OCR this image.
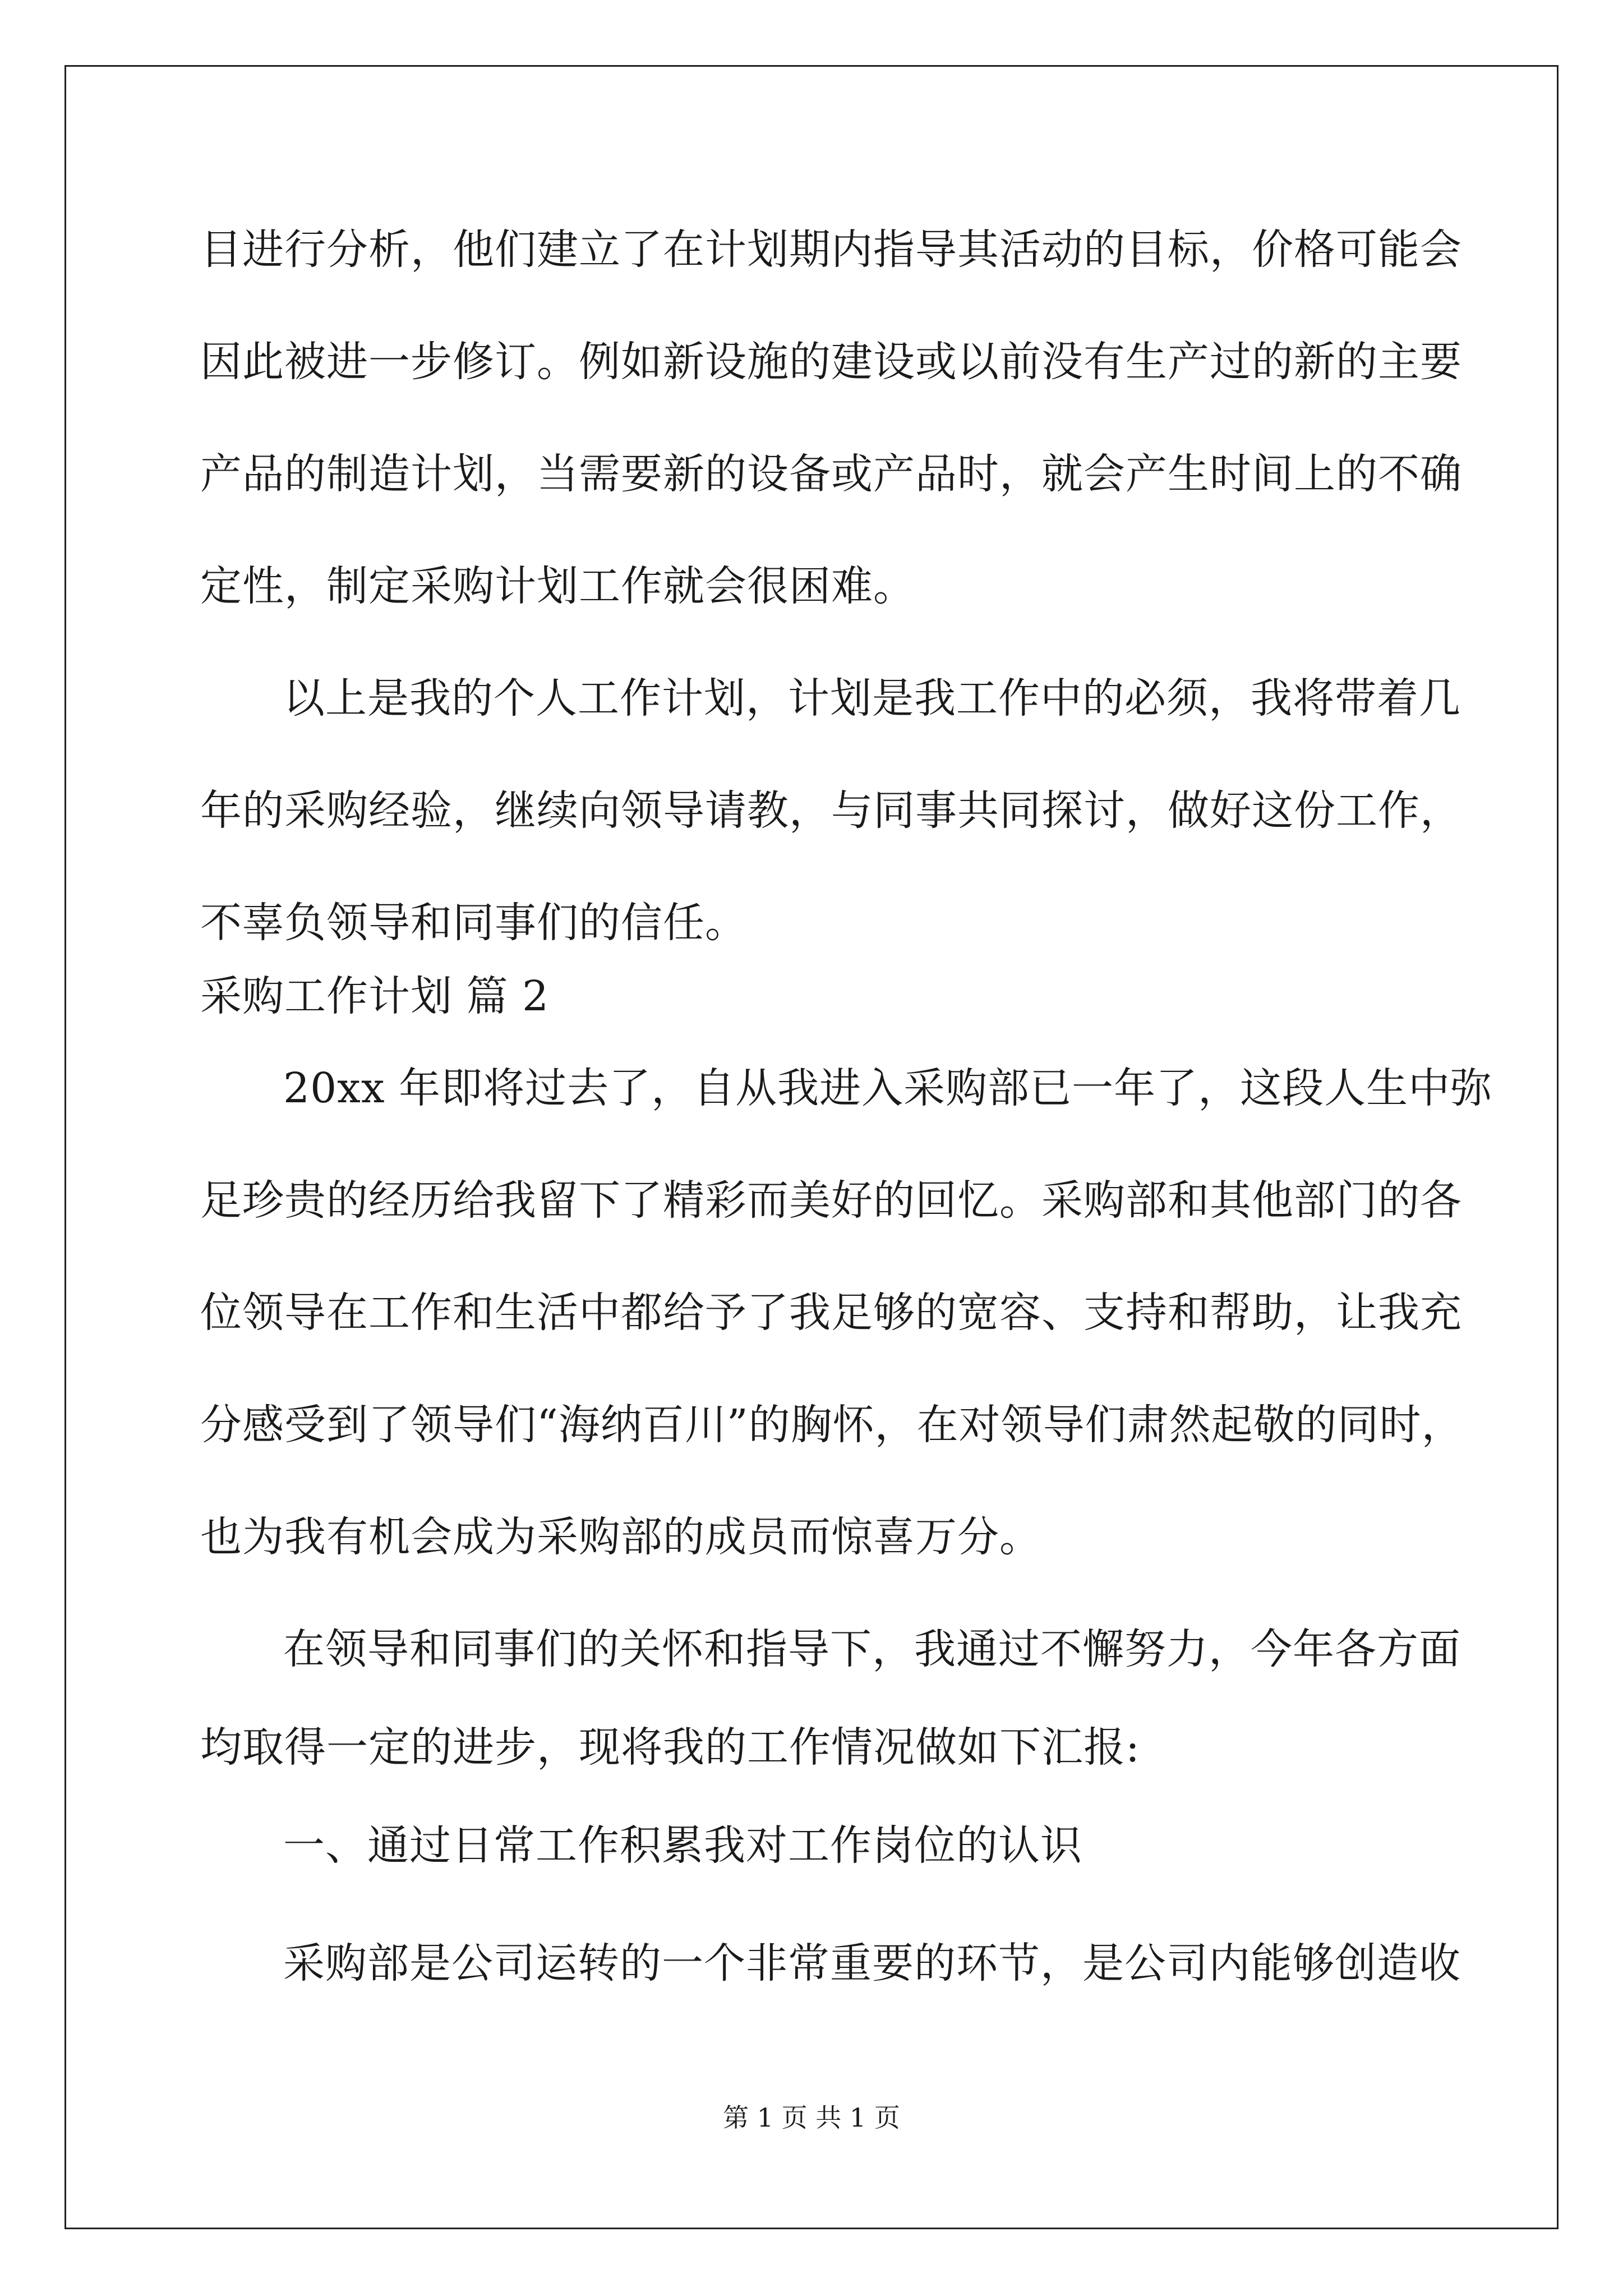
目进行分析，他们建立了在计划期内指导其活动的目标，价格可能会
因此被进一步修订。例如新设施的建设或以前没有生产过的新的主要
产品的制造计划，当需要新的设备或产品时，就会产生时间上的不确
定性，制定采购计划工作就会很困难。
以上是我的个人工作计划，计划是我工作中的必须，我将带着几
年的采购经验，继续向领导请教，与同事共同探讨，做好这份工作，
不辜负领导和同事们的信任。
采购工作计划 篇 2
20xx 年即将过去了，自从我进入采购部已一年了，这段人生中弥
足珍贵的经历给我留下了精彩而美好的回忆。采购部和其他部门的各
位领导在工作和生活中都给予了我足够的宽容、支持和帮助，让我充
分感受到了领导们“海纳百川”的胸怀，在对领导们肃然起敬的同时，
也为我有机会成为采购部的成员而惊喜万分。
在领导和同事们的关怀和指导下，我通过不懈努力，今年各方面
均取得一定的进步，现将我的工作情况做如下汇报:
一、通过日常工作积累我对工作岗位的认识
采购部是公司运转的一个非常重要的环节，是公司内能够创造收
第 1 页 共 1 页
